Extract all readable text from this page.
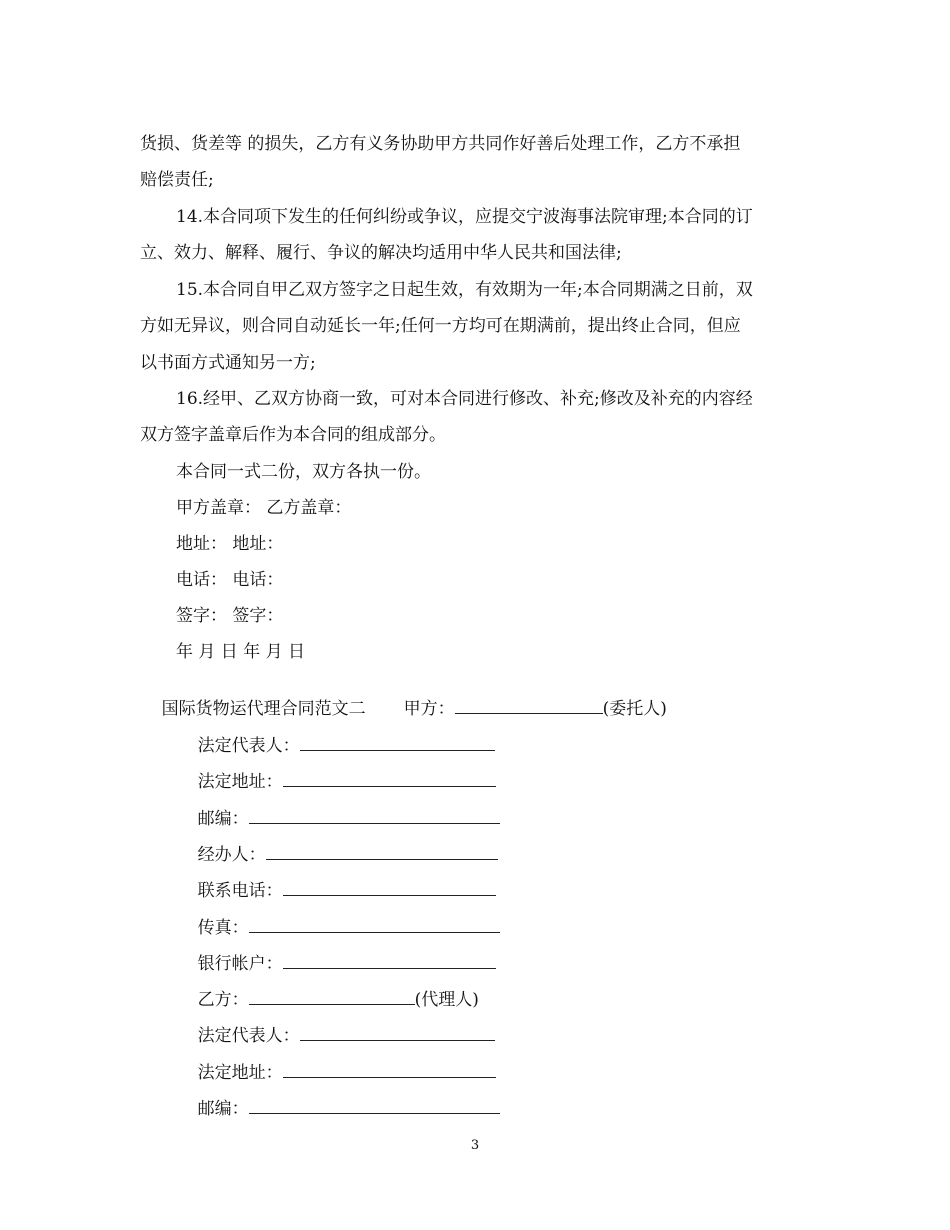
货损、货差等 的损失，乙方有义务协助甲方共同作好善后处理工作，乙方不承担
赔偿责任;
14.本合同项下发生的任何纠纷或争议，应提交宁波海事法院审理;本合同的订
立、效力、解释、履行、争议的解决均适用中华人民共和国法律;
15.本合同自甲乙双方签字之日起生效，有效期为一年;本合同期满之日前，双
方如无异议，则合同自动延长一年;任何一方均可在期满前，提出终止合同，但应
以书面方式通知另一方;
16.经甲、乙双方协商一致，可对本合同进行修改、补充;修改及补充的内容经
双方签字盖章后作为本合同的组成部分。
本合同一式二份，双方各执一份。
甲方盖章： 乙方盖章：
地址： 地址：
电话： 电话：
签字： 签字：
年 月 日 年 月 日

国际货物运代理合同范文二 甲方：	(委托人)

法定代表人：

法定地址：

邮编：

经办人：

联系电话：

传真：

银行帐户：

乙方：	(代理人)

法定代表人：

法定地址：

邮编：

3
